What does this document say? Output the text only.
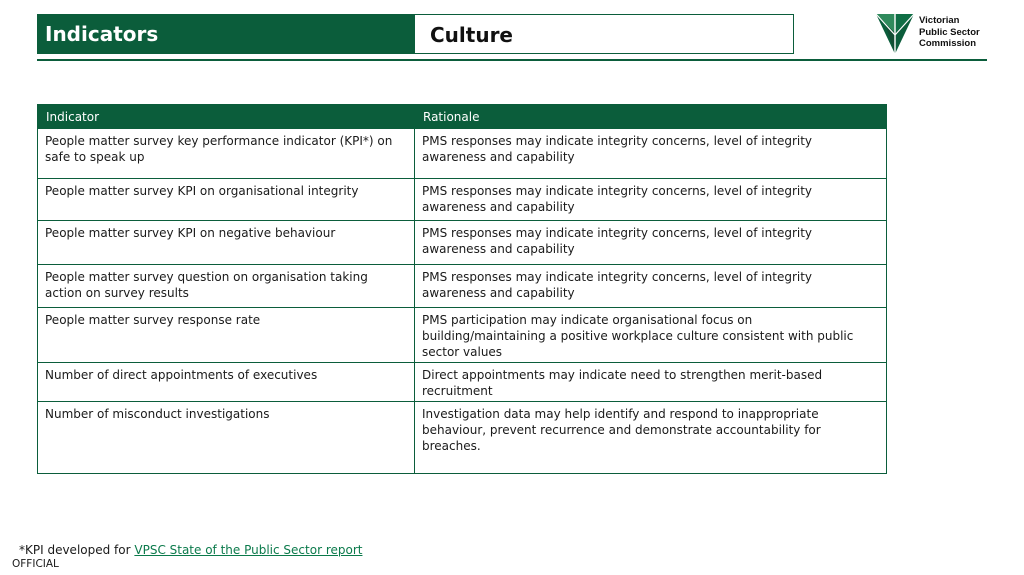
Indicators	Culture
Victorian
Public Sector
Commission
Indicator	Rationale
People matter survey key performance indicator (KPI*) on safe to speak up	PMS responses may indicate integrity concerns, level of integrity awareness and capability
People matter survey KPI on organisational integrity	PMS responses may indicate integrity concerns, level of integrity awareness and capability
People matter survey KPI on negative behaviour	PMS responses may indicate integrity concerns, level of integrity awareness and capability
People matter survey question on organisation taking action on survey results	PMS responses may indicate integrity concerns, level of integrity awareness and capability
People matter survey response rate	PMS participation may indicate organisational focus on building/maintaining a positive workplace culture consistent with public sector values
Number of direct appointments of executives	Direct appointments may indicate need to strengthen merit-based recruitment
Number of misconduct investigations	Investigation data may help identify and respond to inappropriate behaviour, prevent recurrence and demonstrate accountability for breaches.
*KPI developed for VPSC State of the Public Sector report
OFFICIAL
